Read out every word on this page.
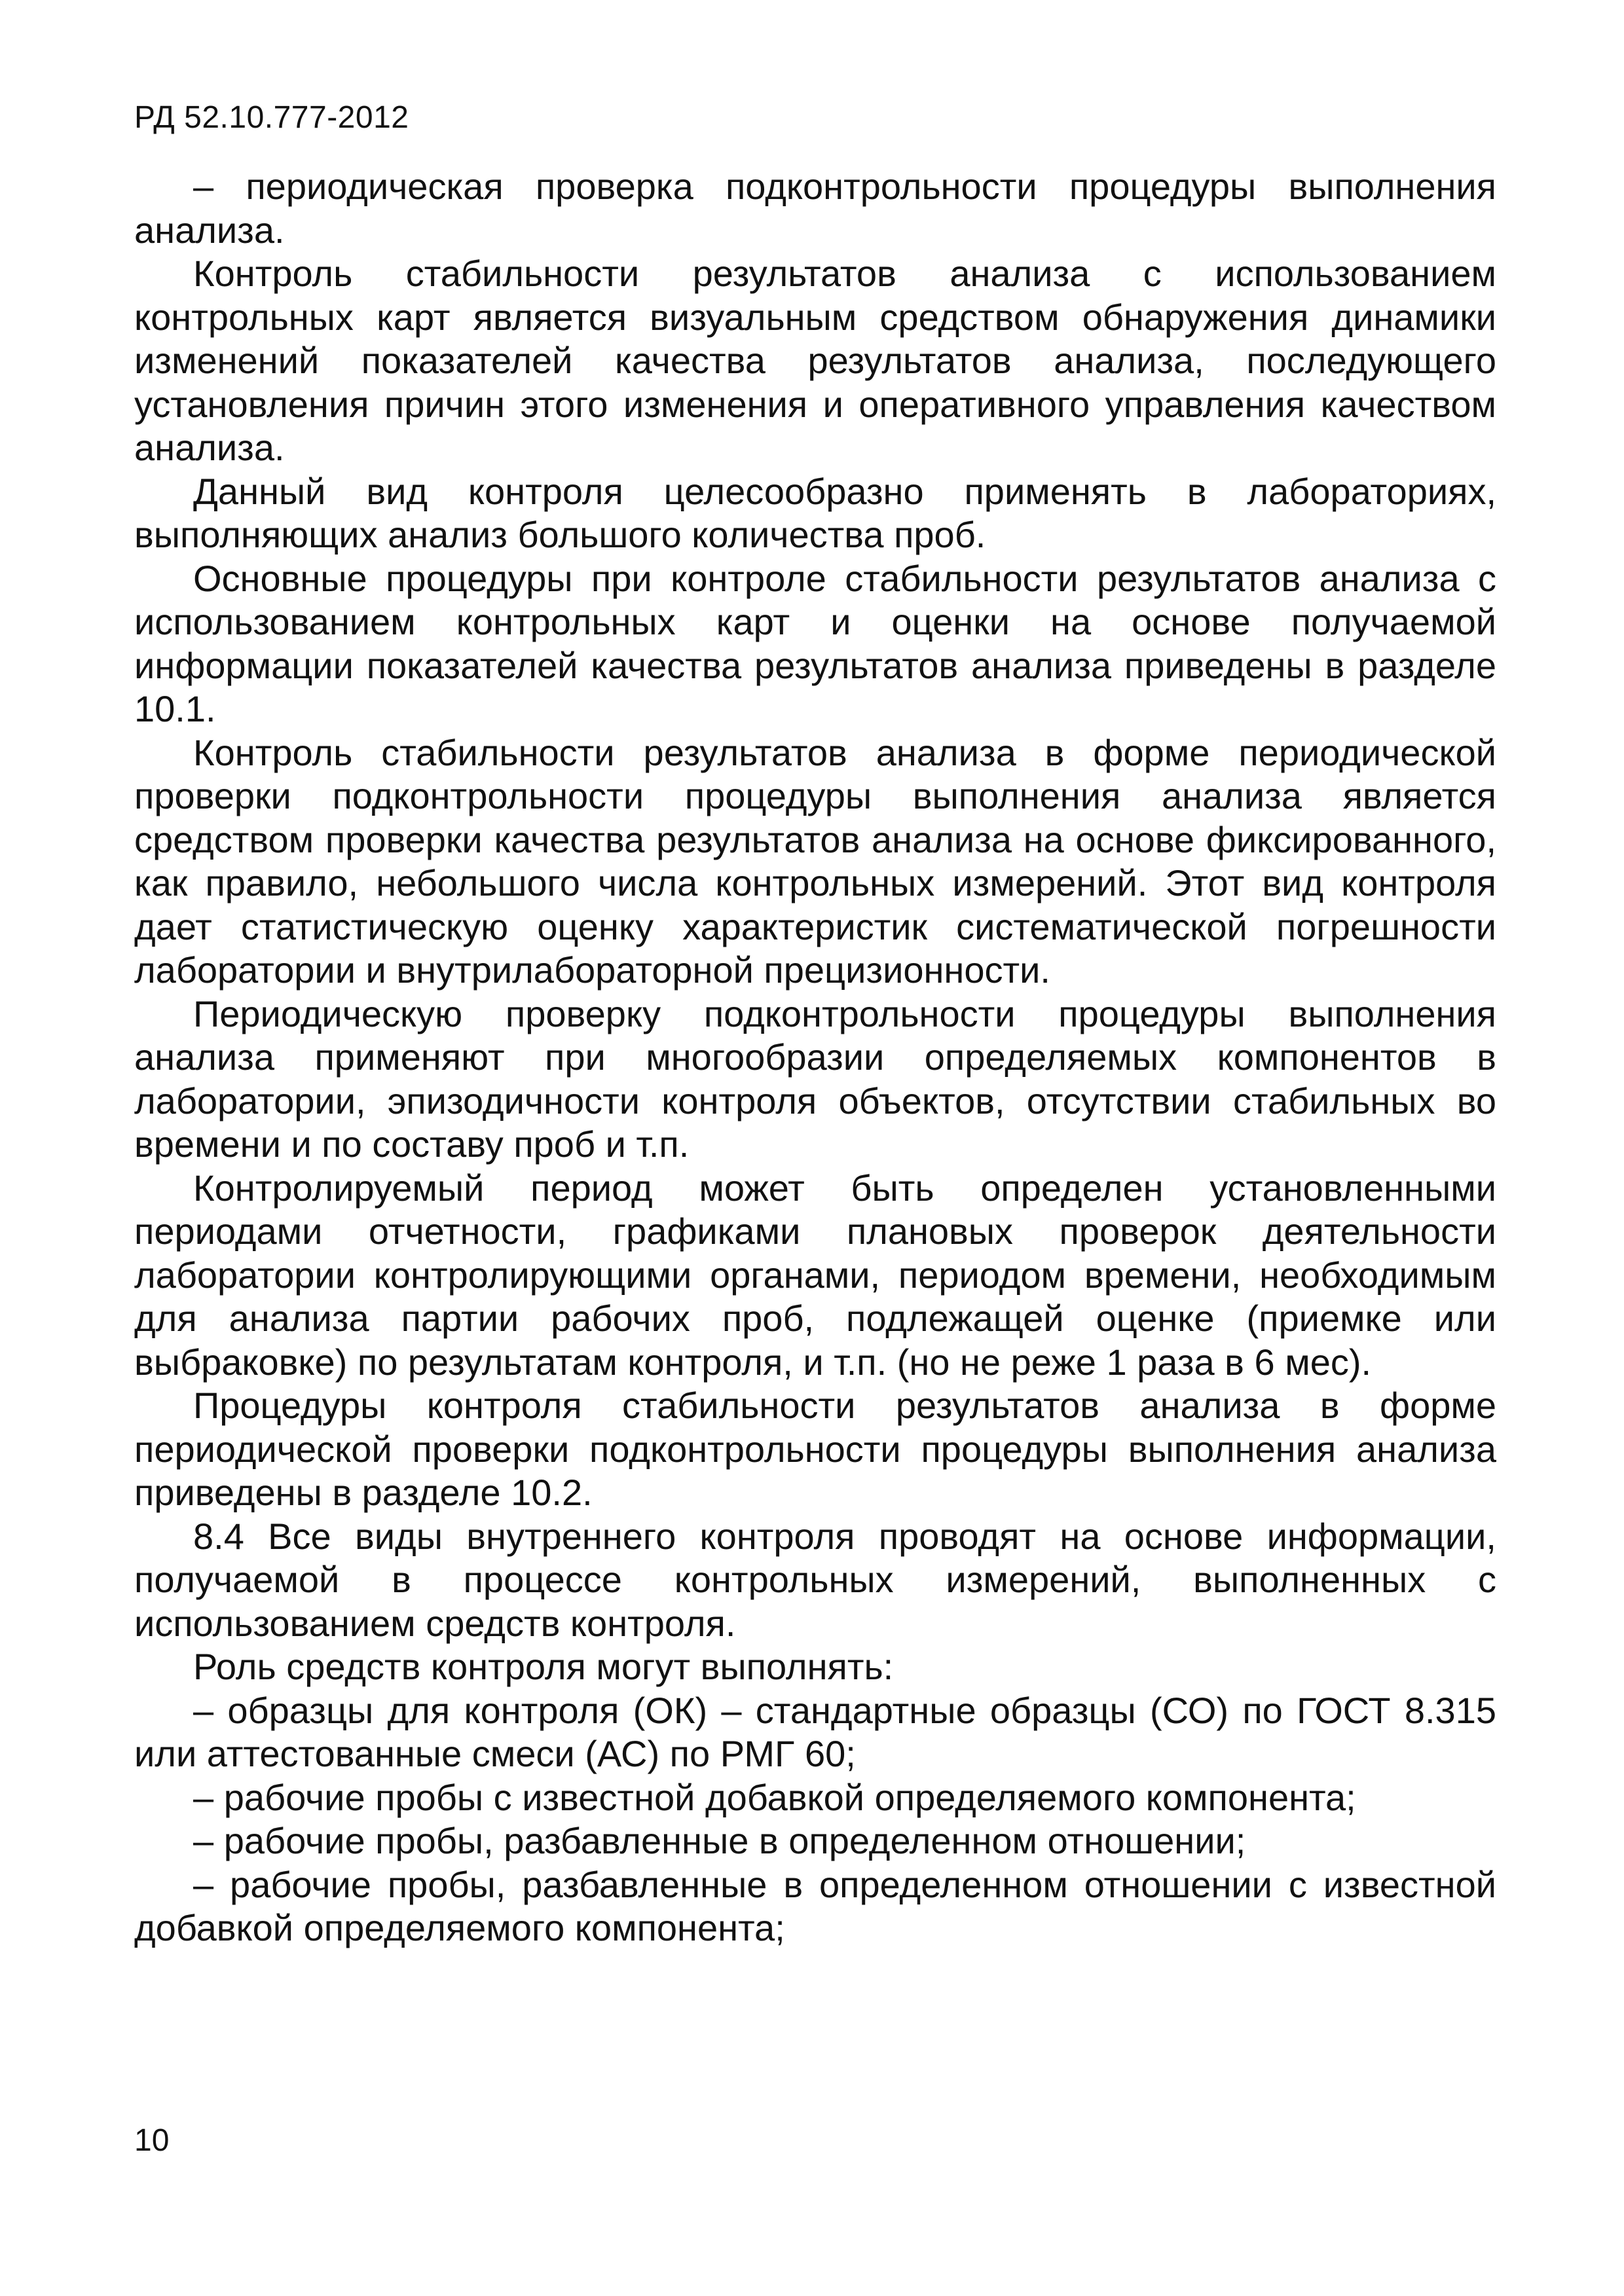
РД 52.10.777-2012

– периодическая проверка подконтрольности процедуры выполнения анализа.

Контроль стабильности результатов анализа с использованием контрольных карт является визуальным средством обнаружения динамики изменений показателей качества результатов анализа, последующего установления причин этого изменения и оперативного управления качеством анализа.

Данный вид контроля целесообразно применять в лабораториях, выполняющих анализ большого количества проб.

Основные процедуры при контроле стабильности результатов анализа с использованием контрольных карт и оценки на основе получаемой информации показателей качества результатов анализа приведены в разделе 10.1.

Контроль стабильности результатов анализа в форме периодической проверки подконтрольности процедуры выполнения анализа является средством проверки качества результатов анализа на основе фиксированного, как правило, небольшого числа контрольных измерений. Этот вид контроля дает статистическую оценку характеристик систематической погрешности лаборатории и внутрилабораторной прецизионности.

Периодическую проверку подконтрольности процедуры выполнения анализа применяют при многообразии определяемых компонентов в лаборатории, эпизодичности контроля объектов, отсутствии стабильных во времени и по составу проб и т.п.

Контролируемый период может быть определен установленными периодами отчетности, графиками плановых проверок деятельности лаборатории контролирующими органами, периодом времени, необходимым для анализа партии рабочих проб, подлежащей оценке (приемке или выбраковке) по результатам контроля, и т.п. (но не реже 1 раза в 6 мес).

Процедуры контроля стабильности результатов анализа в форме периодической проверки подконтрольности процедуры выполнения анализа приведены в разделе 10.2.

8.4 Все виды внутреннего контроля проводят на основе информации, получаемой в процессе контрольных измерений, выполненных с использованием средств контроля.

Роль средств контроля могут выполнять:

– образцы для контроля (ОК) – стандартные образцы (СО) по ГОСТ 8.315 или аттестованные смеси (АС) по РМГ 60;

– рабочие пробы с известной добавкой определяемого компонента;

– рабочие пробы, разбавленные в определенном отношении;

– рабочие пробы, разбавленные в определенном отношении с известной добавкой определяемого компонента;

10
